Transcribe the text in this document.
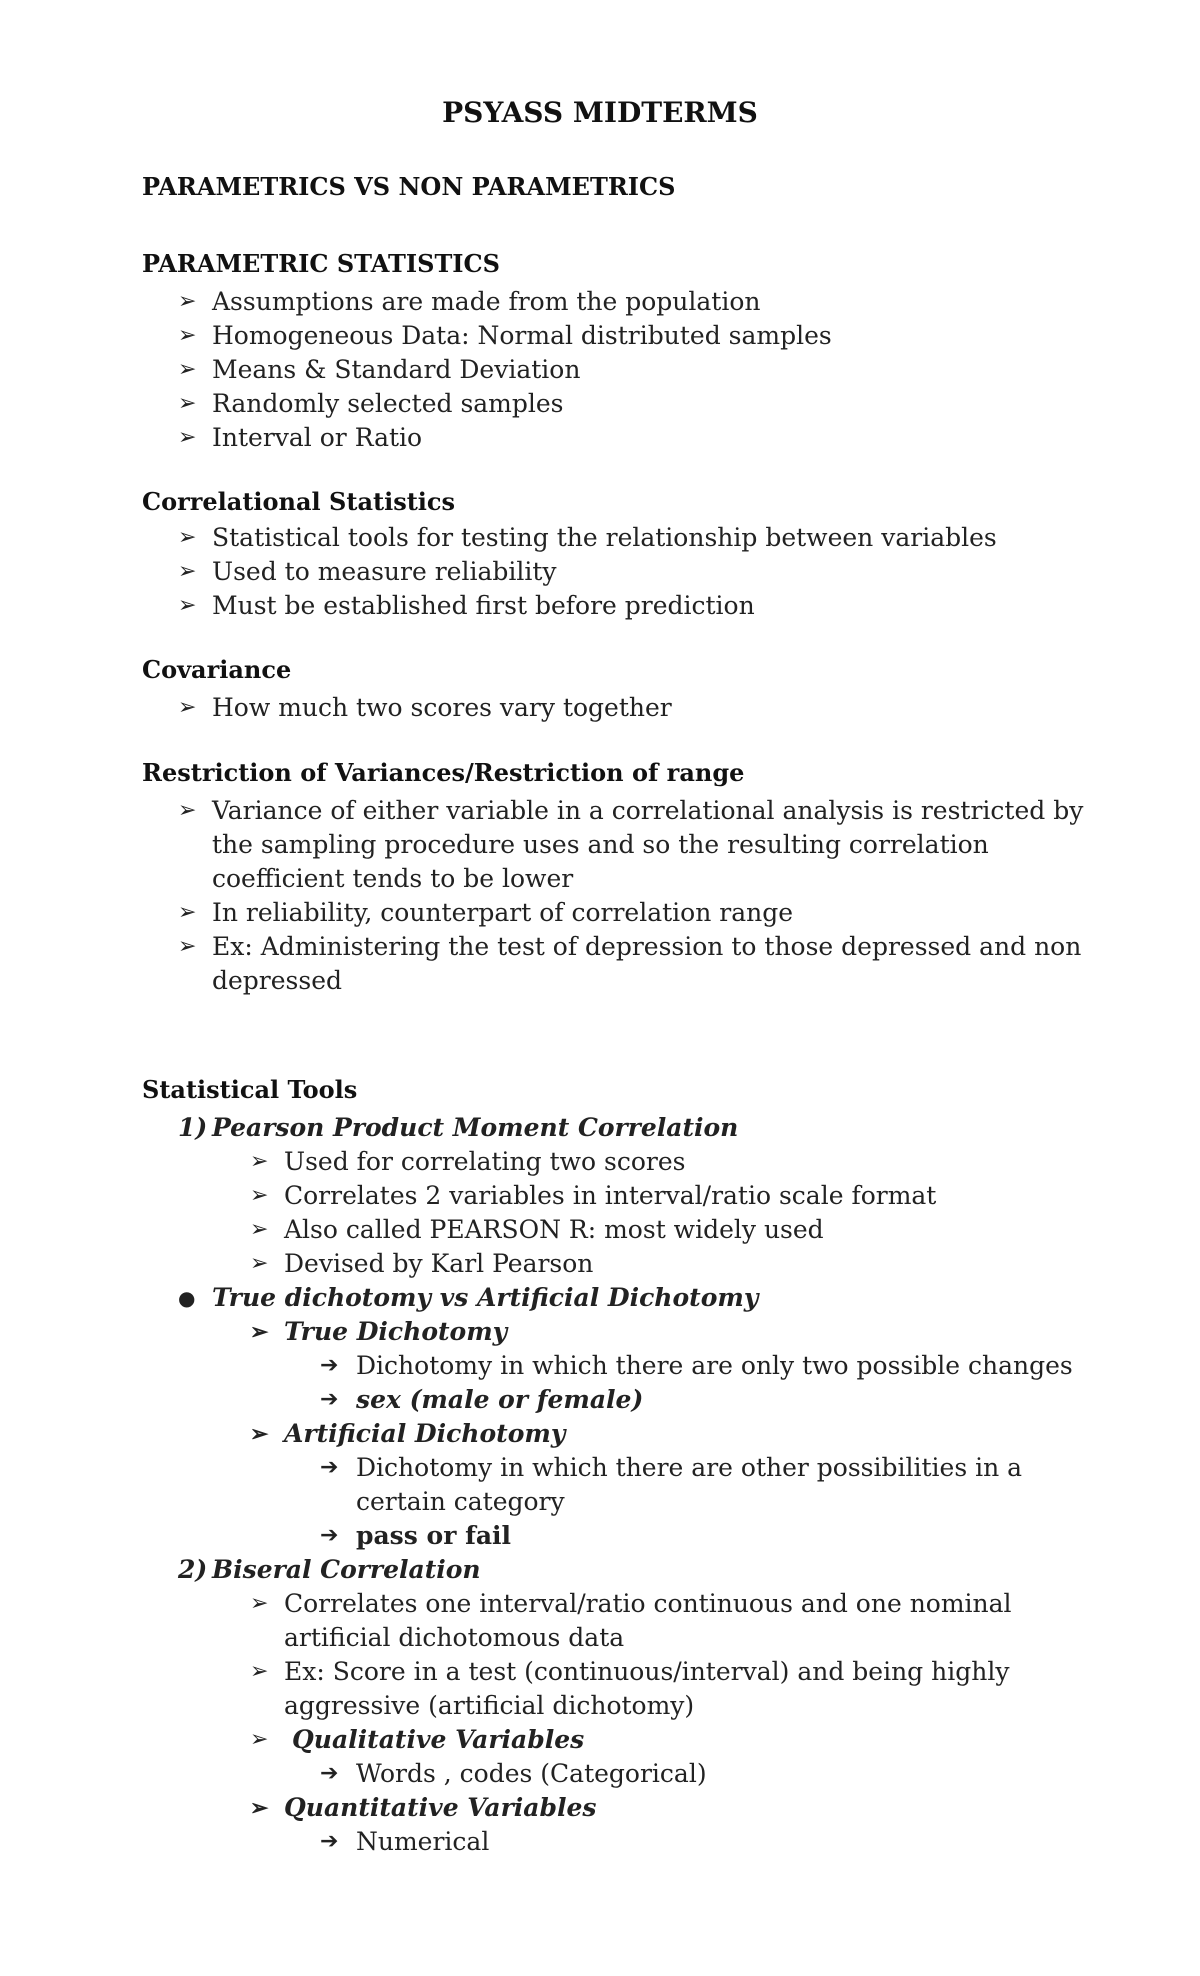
PSYASS MIDTERMS
PARAMETRICS VS NON PARAMETRICS
PARAMETRIC STATISTICS
➢ Assumptions are made from the population
➢ Homogeneous Data: Normal distributed samples
➢ Means & Standard Deviation
➢ Randomly selected samples
➢ Interval or Ratio
Correlational Statistics
➢ Statistical tools for testing the relationship between variables
➢ Used to measure reliability
➢ Must be established first before prediction
Covariance
➢ How much two scores vary together
Restriction of Variances/Restriction of range
➢ Variance of either variable in a correlational analysis is restricted by
the sampling procedure uses and so the resulting correlation
coefficient tends to be lower
➢ In reliability, counterpart of correlation range
➢ Ex: Administering the test of depression to those depressed and non
depressed
Statistical Tools
1) Pearson Product Moment Correlation
➢ Used for correlating two scores
➢ Correlates 2 variables in interval/ratio scale format
➢ Also called PEARSON R: most widely used
➢ Devised by Karl Pearson
● True dichotomy vs Artificial Dichotomy
➢ True Dichotomy
➔ Dichotomy in which there are only two possible changes
➔ sex (male or female)
➢ Artificial Dichotomy
➔ Dichotomy in which there are other possibilities in a
certain category
➔ pass or fail
2) Biseral Correlation
➢ Correlates one interval/ratio continuous and one nominal
artificial dichotomous data
➢ Ex: Score in a test (continuous/interval) and being highly
aggressive (artificial dichotomy)
➢ Qualitative Variables
➔ Words , codes (Categorical)
➢ Quantitative Variables
➔ Numerical
